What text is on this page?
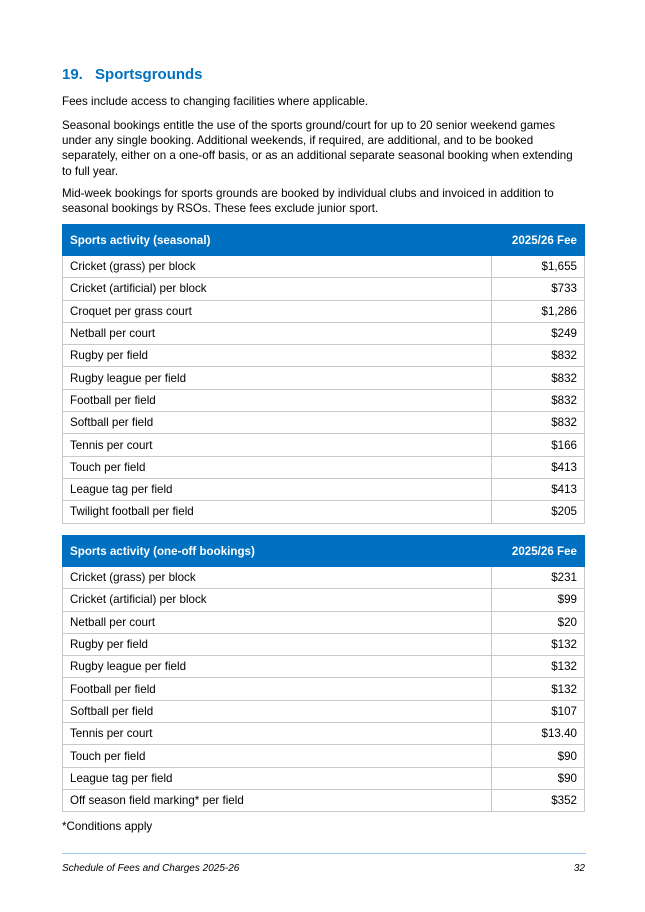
19. Sportsgrounds

Fees include access to changing facilities where applicable.

Seasonal bookings entitle the use of the sports ground/court for up to 20 senior weekend games under any single booking. Additional weekends, if required, are additional, and to be booked separately, either on a one-off basis, or as an additional separate seasonal booking when extending to full year.

Mid-week bookings for sports grounds are booked by individual clubs and invoiced in addition to seasonal bookings by RSOs. These fees exclude junior sport.

Sports activity (seasonal)	2025/26 Fee
Cricket (grass) per block	$1,655
Cricket (artificial) per block	$733
Croquet per grass court	$1,286
Netball per court	$249
Rugby per field	$832
Rugby league per field	$832
Football per field	$832
Softball per field	$832
Tennis per court	$166
Touch per field	$413
League tag per field	$413
Twilight football per field	$205
Sports activity (one-off bookings)	2025/26 Fee
Cricket (grass) per block	$231
Cricket (artificial) per block	$99
Netball per court	$20
Rugby per field	$132
Rugby league per field	$132
Football per field	$132
Softball per field	$107
Tennis per court	$13.40
Touch per field	$90
League tag per field	$90
Off season field marking* per field	$352

*Conditions apply

Schedule of Fees and Charges 2025-26	32
